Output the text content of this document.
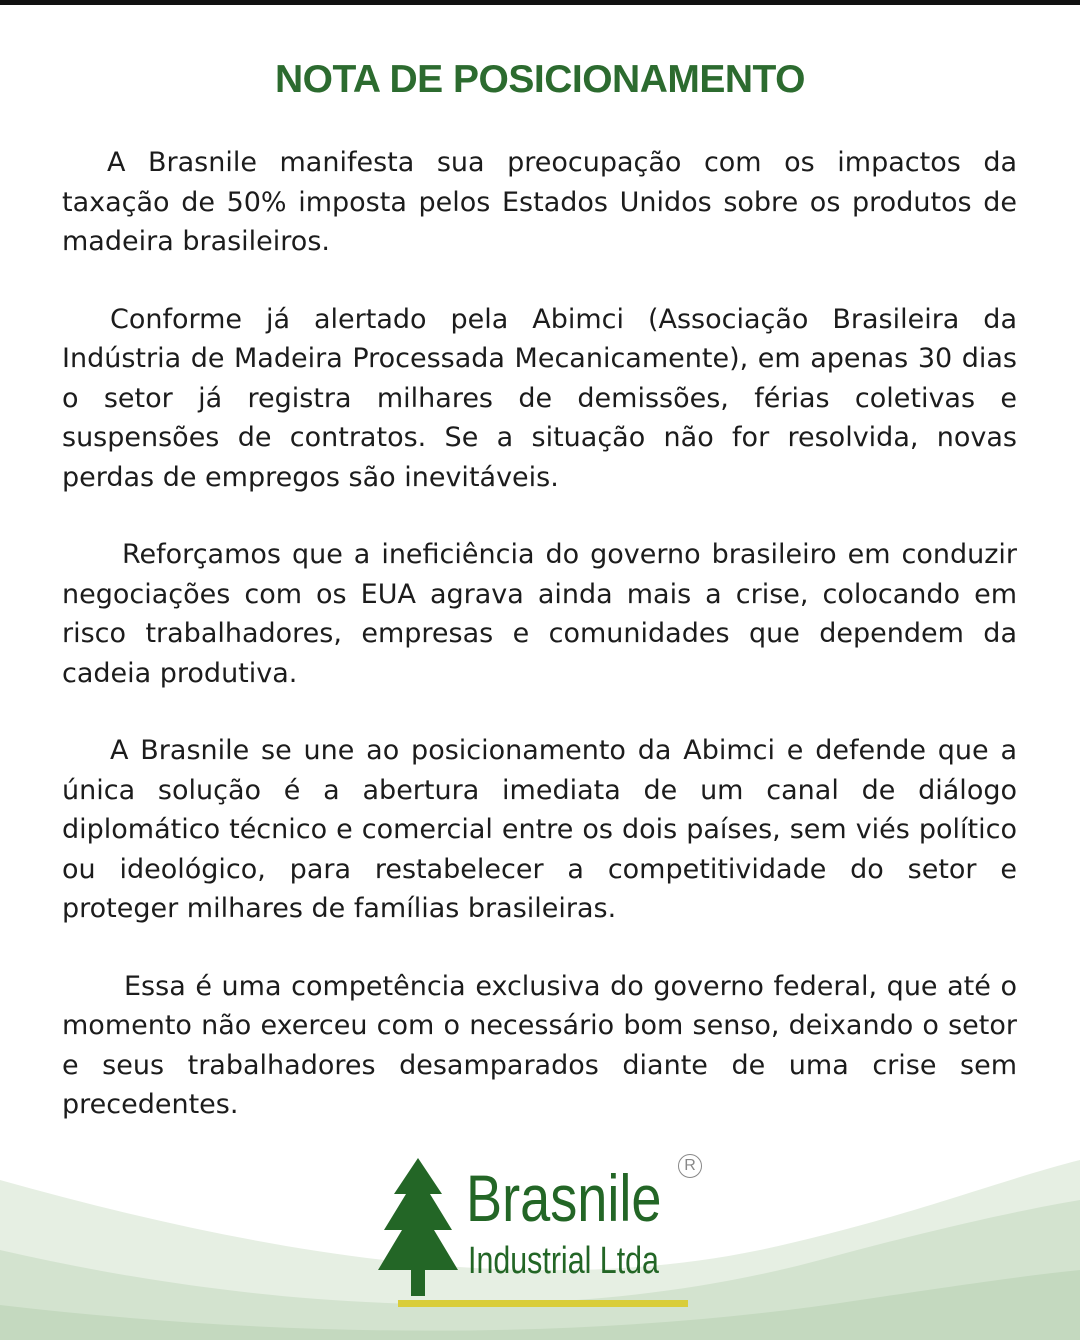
NOTA DE POSICIONAMENTO

A Brasnile manifesta sua preocupação com os impactos da taxação de 50% imposta pelos Estados Unidos sobre os produtos de madeira brasileiros.

Conforme já alertado pela Abimci (Associação Brasileira da Indústria de Madeira Processada Mecanicamente), em apenas 30 dias o setor já registra milhares de demissões, férias coletivas e suspensões de contratos. Se a situação não for resolvida, novas perdas de empregos são inevitáveis.

Reforçamos que a ineficiência do governo brasileiro em conduzir negociações com os EUA agrava ainda mais a crise, colocando em risco trabalhadores, empresas e comunidades que dependem da cadeia produtiva.

A Brasnile se une ao posicionamento da Abimci e defende que a única solução é a abertura imediata de um canal de diálogo diplomático técnico e comercial entre os dois países, sem viés político ou ideológico, para restabelecer a competitividade do setor e proteger milhares de famílias brasileiras.

Essa é uma competência exclusiva do governo federal, que até o momento não exerceu com o necessário bom senso, deixando o setor e seus trabalhadores desamparados diante de uma crise sem precedentes.

Brasnile
Industrial Ltda
R
